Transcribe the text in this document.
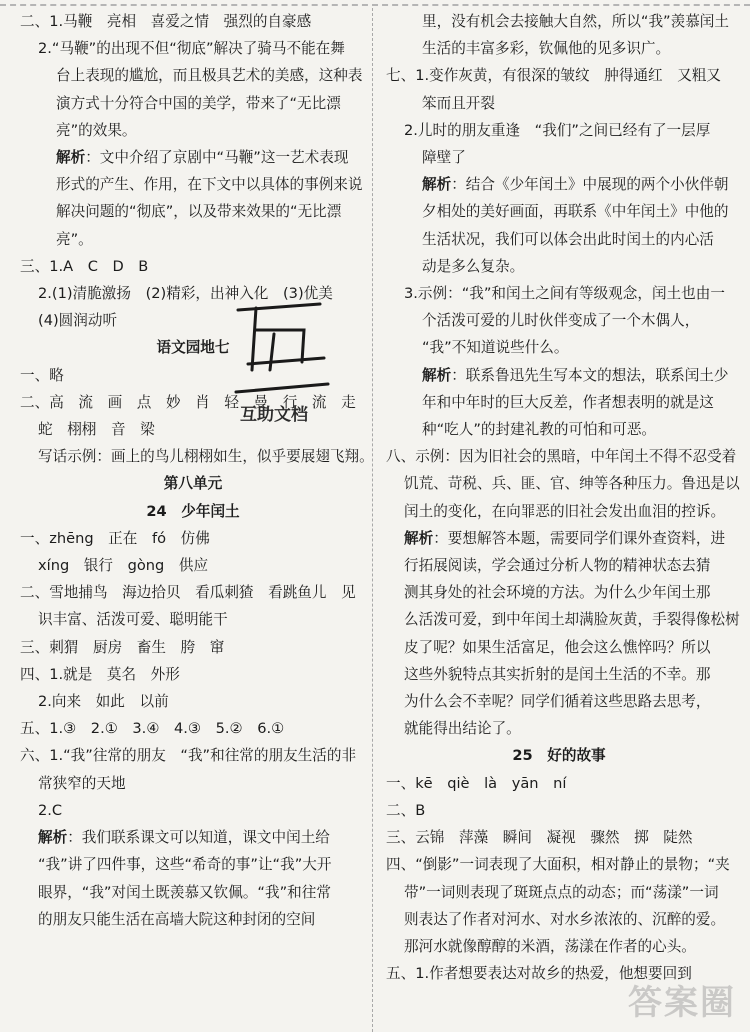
二、1.马鞭　亮相　喜爱之情　强烈的自豪感
2.“马鞭”的出现不但“彻底”解决了骑马不能在舞
台上表现的尴尬，而且极具艺术的美感，这种表
演方式十分符合中国的美学，带来了“无比漂
亮”的效果。
解析：文中介绍了京剧中“马鞭”这一艺术表现
形式的产生、作用，在下文中以具体的事例来说
解决问题的“彻底”，以及带来效果的“无比漂
亮”。
三、1.A　C　D　B
2.(1)清脆激扬　(2)精彩，出神入化　(3)优美
(4)圆润动听
语文园地七
一、略
二、高　流　画　点　妙　肖　轻　曼　行　流　走
蛇　栩栩　音　梁
写话示例：画上的鸟儿栩栩如生，似乎要展翅飞翔。
第八单元
24　少年闰土
一、zhēng　正在　fó　仿佛
xíng　银行　gòng　供应
二、雪地捕鸟　海边拾贝　看瓜刺猹　看跳鱼儿　见
识丰富、活泼可爱、聪明能干
三、刺猬　厨房　畜生　胯　窜
四、1.就是　莫名　外形
2.向来　如此　以前
五、1.③　2.①　3.④　4.③　5.②　6.①
六、1.“我”往常的朋友　“我”和往常的朋友生活的非
常狭窄的天地
2.C
解析：我们联系课文可以知道，课文中闰土给
“我”讲了四件事，这些“希奇的事”让“我”大开
眼界，“我”对闰土既羡慕又钦佩。“我”和往常
的朋友只能生活在高墙大院这种封闭的空间
里，没有机会去接触大自然，所以“我”羡慕闰土
生活的丰富多彩，钦佩他的见多识广。
七、1.变作灰黄，有很深的皱纹　肿得通红　又粗又
笨而且开裂
2.儿时的朋友重逢　“我们”之间已经有了一层厚
障壁了
解析：结合《少年闰土》中展现的两个小伙伴朝
夕相处的美好画面，再联系《中年闰土》中他的
生活状况，我们可以体会出此时闰土的内心活
动是多么复杂。
3.示例：“我”和闰土之间有等级观念，闰土也由一
个活泼可爱的儿时伙伴变成了一个木偶人，
“我”不知道说些什么。
解析：联系鲁迅先生写本文的想法，联系闰土少
年和中年时的巨大反差，作者想表明的就是这
种“吃人”的封建礼教的可怕和可恶。
八、示例：因为旧社会的黑暗，中年闰土不得不忍受着
饥荒、苛税、兵、匪、官、绅等各种压力。鲁迅是以
闰土的变化，在向罪恶的旧社会发出血泪的控诉。
解析：要想解答本题，需要同学们课外查资料，进
行拓展阅读，学会通过分析人物的精神状态去猜
测其身处的社会环境的方法。为什么少年闰土那
么活泼可爱，到中年闰土却满脸灰黄，手裂得像松树
皮了呢？如果生活富足，他会这么憔悴吗？所以
这些外貌特点其实折射的是闰土生活的不幸。那
为什么会不幸呢？同学们循着这些思路去思考，
就能得出结论了。
25　好的故事
一、kē　qiè　là　yān　ní
二、B
三、云锦　萍藻　瞬间　凝视　骤然　掷　陡然
四、“倒影”一词表现了大面积，相对静止的景物；“夹
带”一词则表现了斑斑点点的动态；而“荡漾”一词
则表达了作者对河水、对水乡浓浓的、沉醉的爱。
那河水就像醇醇的米酒，荡漾在作者的心头。
五、1.作者想要表达对故乡的热爱，他想要回到
互助文档
答案圈
